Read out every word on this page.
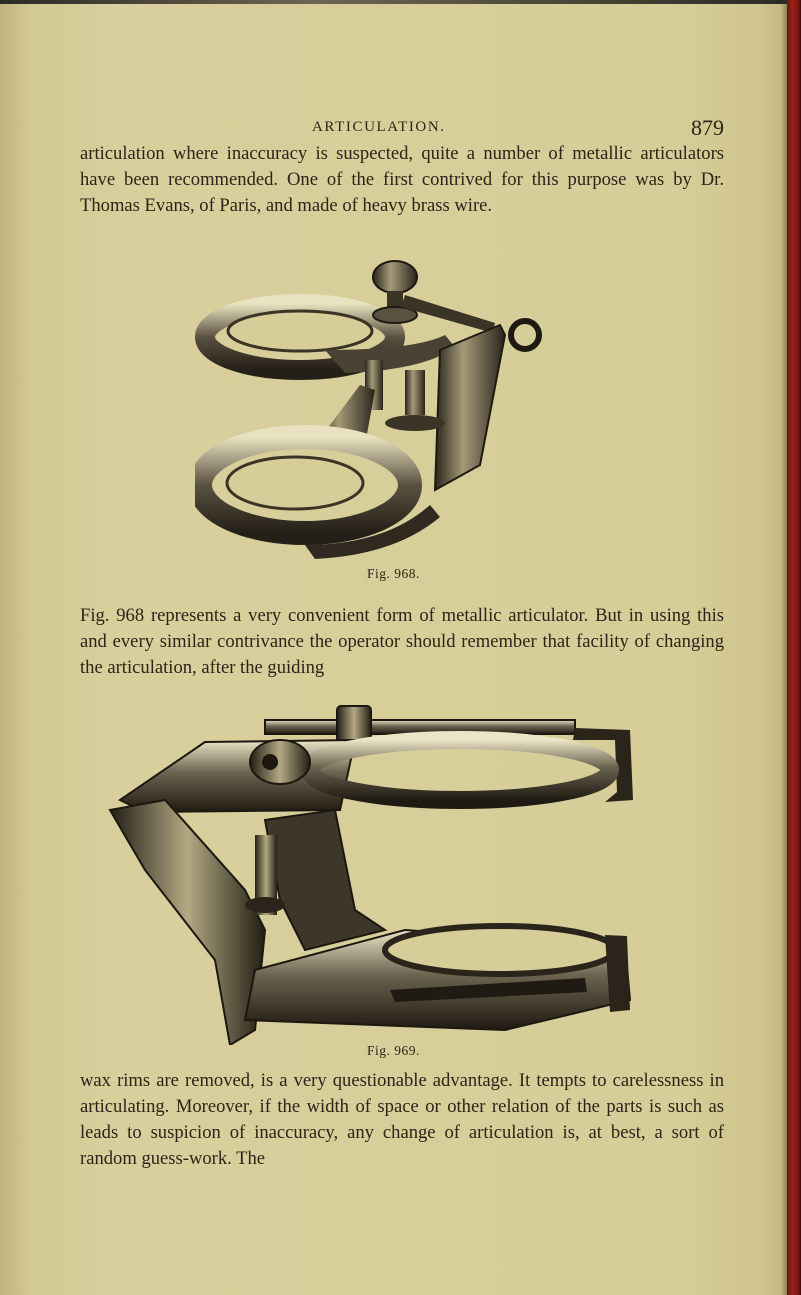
ARTICULATION.	879

articulation where inaccuracy is suspected, quite a number of metallic articulators have been recommended. One of the first contrived for this purpose was by Dr. Thomas Evans, of Paris, and made of heavy brass wire.

Fig. 968.

Fig. 968 represents a very convenient form of metallic articulator. But in using this and every similar contrivance the operator should remember that facility of changing the articulation, after the guiding

Fig. 969.

wax rims are removed, is a very questionable advantage. It tempts to carelessness in articulating. Moreover, if the width of space or other relation of the parts is such as leads to suspicion of inaccuracy, any change of articulation is, at best, a sort of random guess-work. The
